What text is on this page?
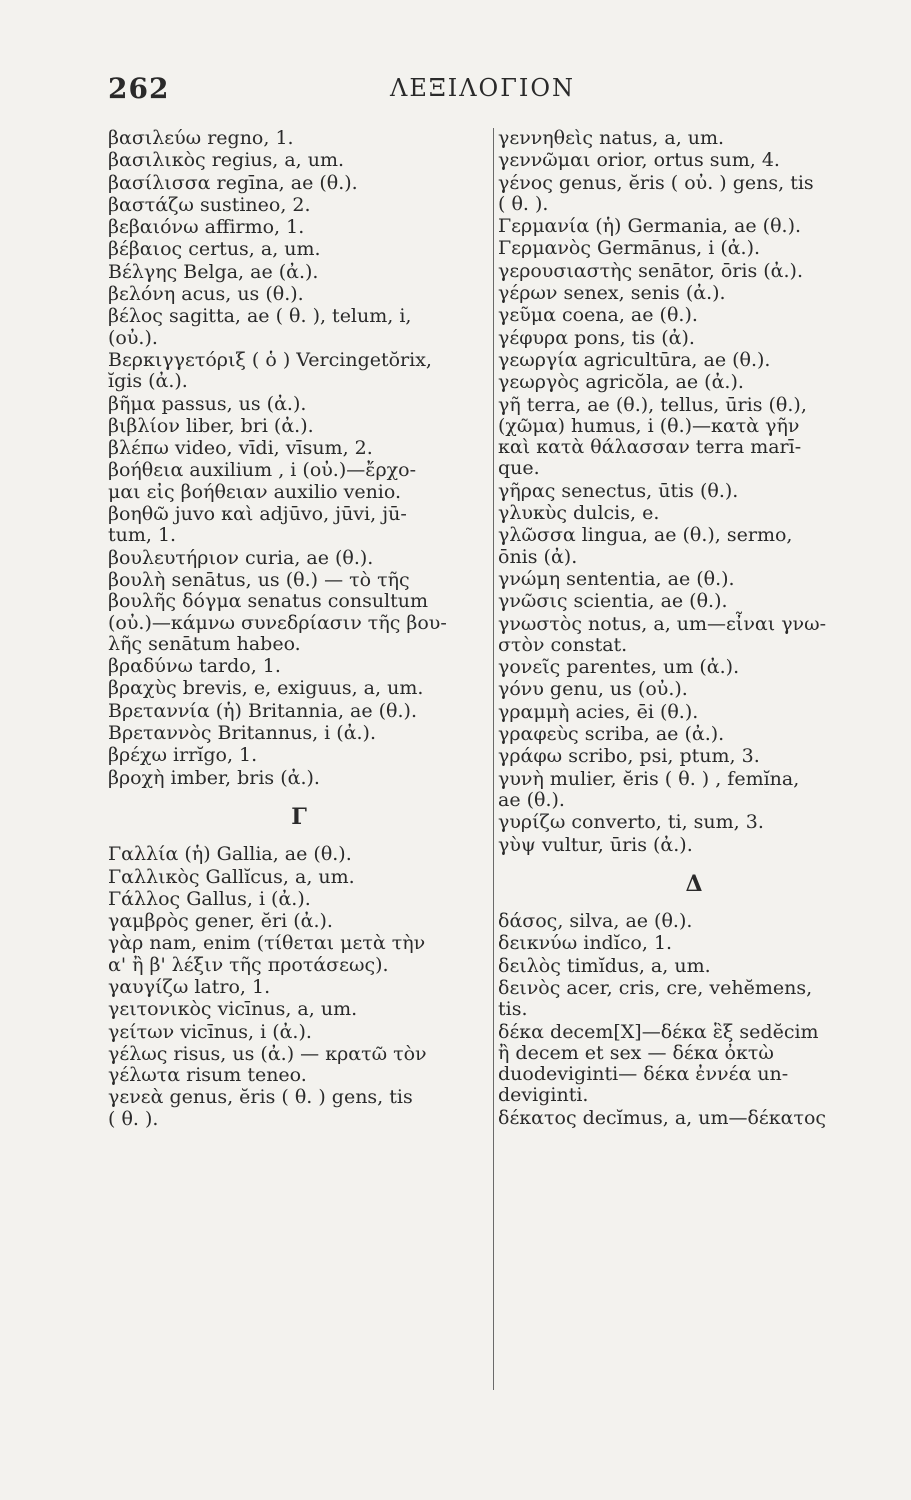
262	ΛΕΞΙΛΟΓΙΟΝ
βασιλεύω regno, 1.
βασιλικὸς regius, a, um.
βασίλισσα regīna, ae (θ.).
βαστάζω sustineo, 2.
βεβαιόνω affirmo, 1.
βέβαιος certus, a, um.
Βέλγης Belga, ae (ἀ.).
βελόνη acus, us (θ.).
βέλος sagitta, ae ( θ. ), telum, i,
(οὐ.).
Βερκιγγετόριξ ( ὁ ) Vercingetŏrix,
ĭgis (ἀ.).
βῆμα passus, us (ἀ.).
βιβλίον liber, bri (ἀ.).
βλέπω video, vīdi, vīsum, 2.
βοήθεια auxilium , i (οὐ.)—ἔρχο-
μαι εἰς βοήθειαν auxilio venio.
βοηθῶ juvo καὶ adjūvo, jūvi, jū-
tum, 1.
βουλευτήριον curia, ae (θ.).
βουλὴ senātus, us (θ.) — τὸ τῆς
βουλῆς δόγμα senatus consultum
(οὐ.)—κάμνω συνεδρίασιν τῆς βου-
λῆς senātum habeo.
βραδύνω tardo, 1.
βραχὺς brevis, e, exiguus, a, um.
Βρεταννία (ἡ) Britannia, ae (θ.).
Βρεταννὸς Britannus, i (ἀ.).
βρέχω irrĭgo, 1.
βροχὴ imber, bris (ἀ.).
Γ
Γαλλία (ἡ) Gallia, ae (θ.).
Γαλλικὸς Gallĭcus, a, um.
Γάλλος Gallus, i (ἀ.).
γαμβρὸς gener, ĕri (ἀ.).
γὰρ nam, enim (τίθεται μετὰ τὴν
α' ἢ β' λέξιν τῆς προτάσεως).
γαυγίζω latro, 1.
γειτονικὸς vicīnus, a, um.
γείτων vicīnus, i (ἀ.).
γέλως risus, us (ἀ.) — κρατῶ τὸν
γέλωτα risum teneo.
γενεὰ genus, ĕris ( θ. ) gens, tis
( θ. ).
γεννηθεὶς natus, a, um.
γεννῶμαι orior, ortus sum, 4.
γένος genus, ĕris ( οὐ. ) gens, tis
( θ. ).
Γερμανία (ἡ) Germania, ae (θ.).
Γερμανὸς Germānus, i (ἀ.).
γερουσιαστὴς senātor, ōris (ἀ.).
γέρων senex, senis (ἀ.).
γεῦμα coena, ae (θ.).
γέφυρα pons, tis (ἀ).
γεωργία agricultūra, ae (θ.).
γεωργὸς agricŏla, ae (ἀ.).
γῆ terra, ae (θ.), tellus, ūris (θ.),
(χῶμα) humus, i (θ.)—κατὰ γῆν
καὶ κατὰ θάλασσαν terra marī-
que.
γῆρας senectus, ūtis (θ.).
γλυκὺς dulcis, e.
γλῶσσα lingua, ae (θ.), sermo,
ōnis (ἀ).
γνώμη sententia, ae (θ.).
γνῶσις scientia, ae (θ.).
γνωστὸς notus, a, um—εἶναι γνω-
στὸν constat.
γονεῖς parentes, um (ἀ.).
γόνυ genu, us (οὐ.).
γραμμὴ acies, ēi (θ.).
γραφεὺς scriba, ae (ἀ.).
γράφω scribo, psi, ptum, 3.
γυνὴ mulier, ĕris ( θ. ) , femĭna,
ae (θ.).
γυρίζω converto, ti, sum, 3.
γὺψ vultur, ūris (ἀ.).
Δ
δάσος, silva, ae (θ.).
δεικνύω indĭco, 1.
δειλὸς timĭdus, a, um.
δεινὸς acer, cris, cre, vehĕmens,
tis.
δέκα decem[X]—δέκα ἓξ sedĕcim
ἢ decem et sex — δέκα ὀκτὼ
duodeviginti— δέκα ἐννέα un-
deviginti.
δέκατος decĭmus, a, um—δέκατος
